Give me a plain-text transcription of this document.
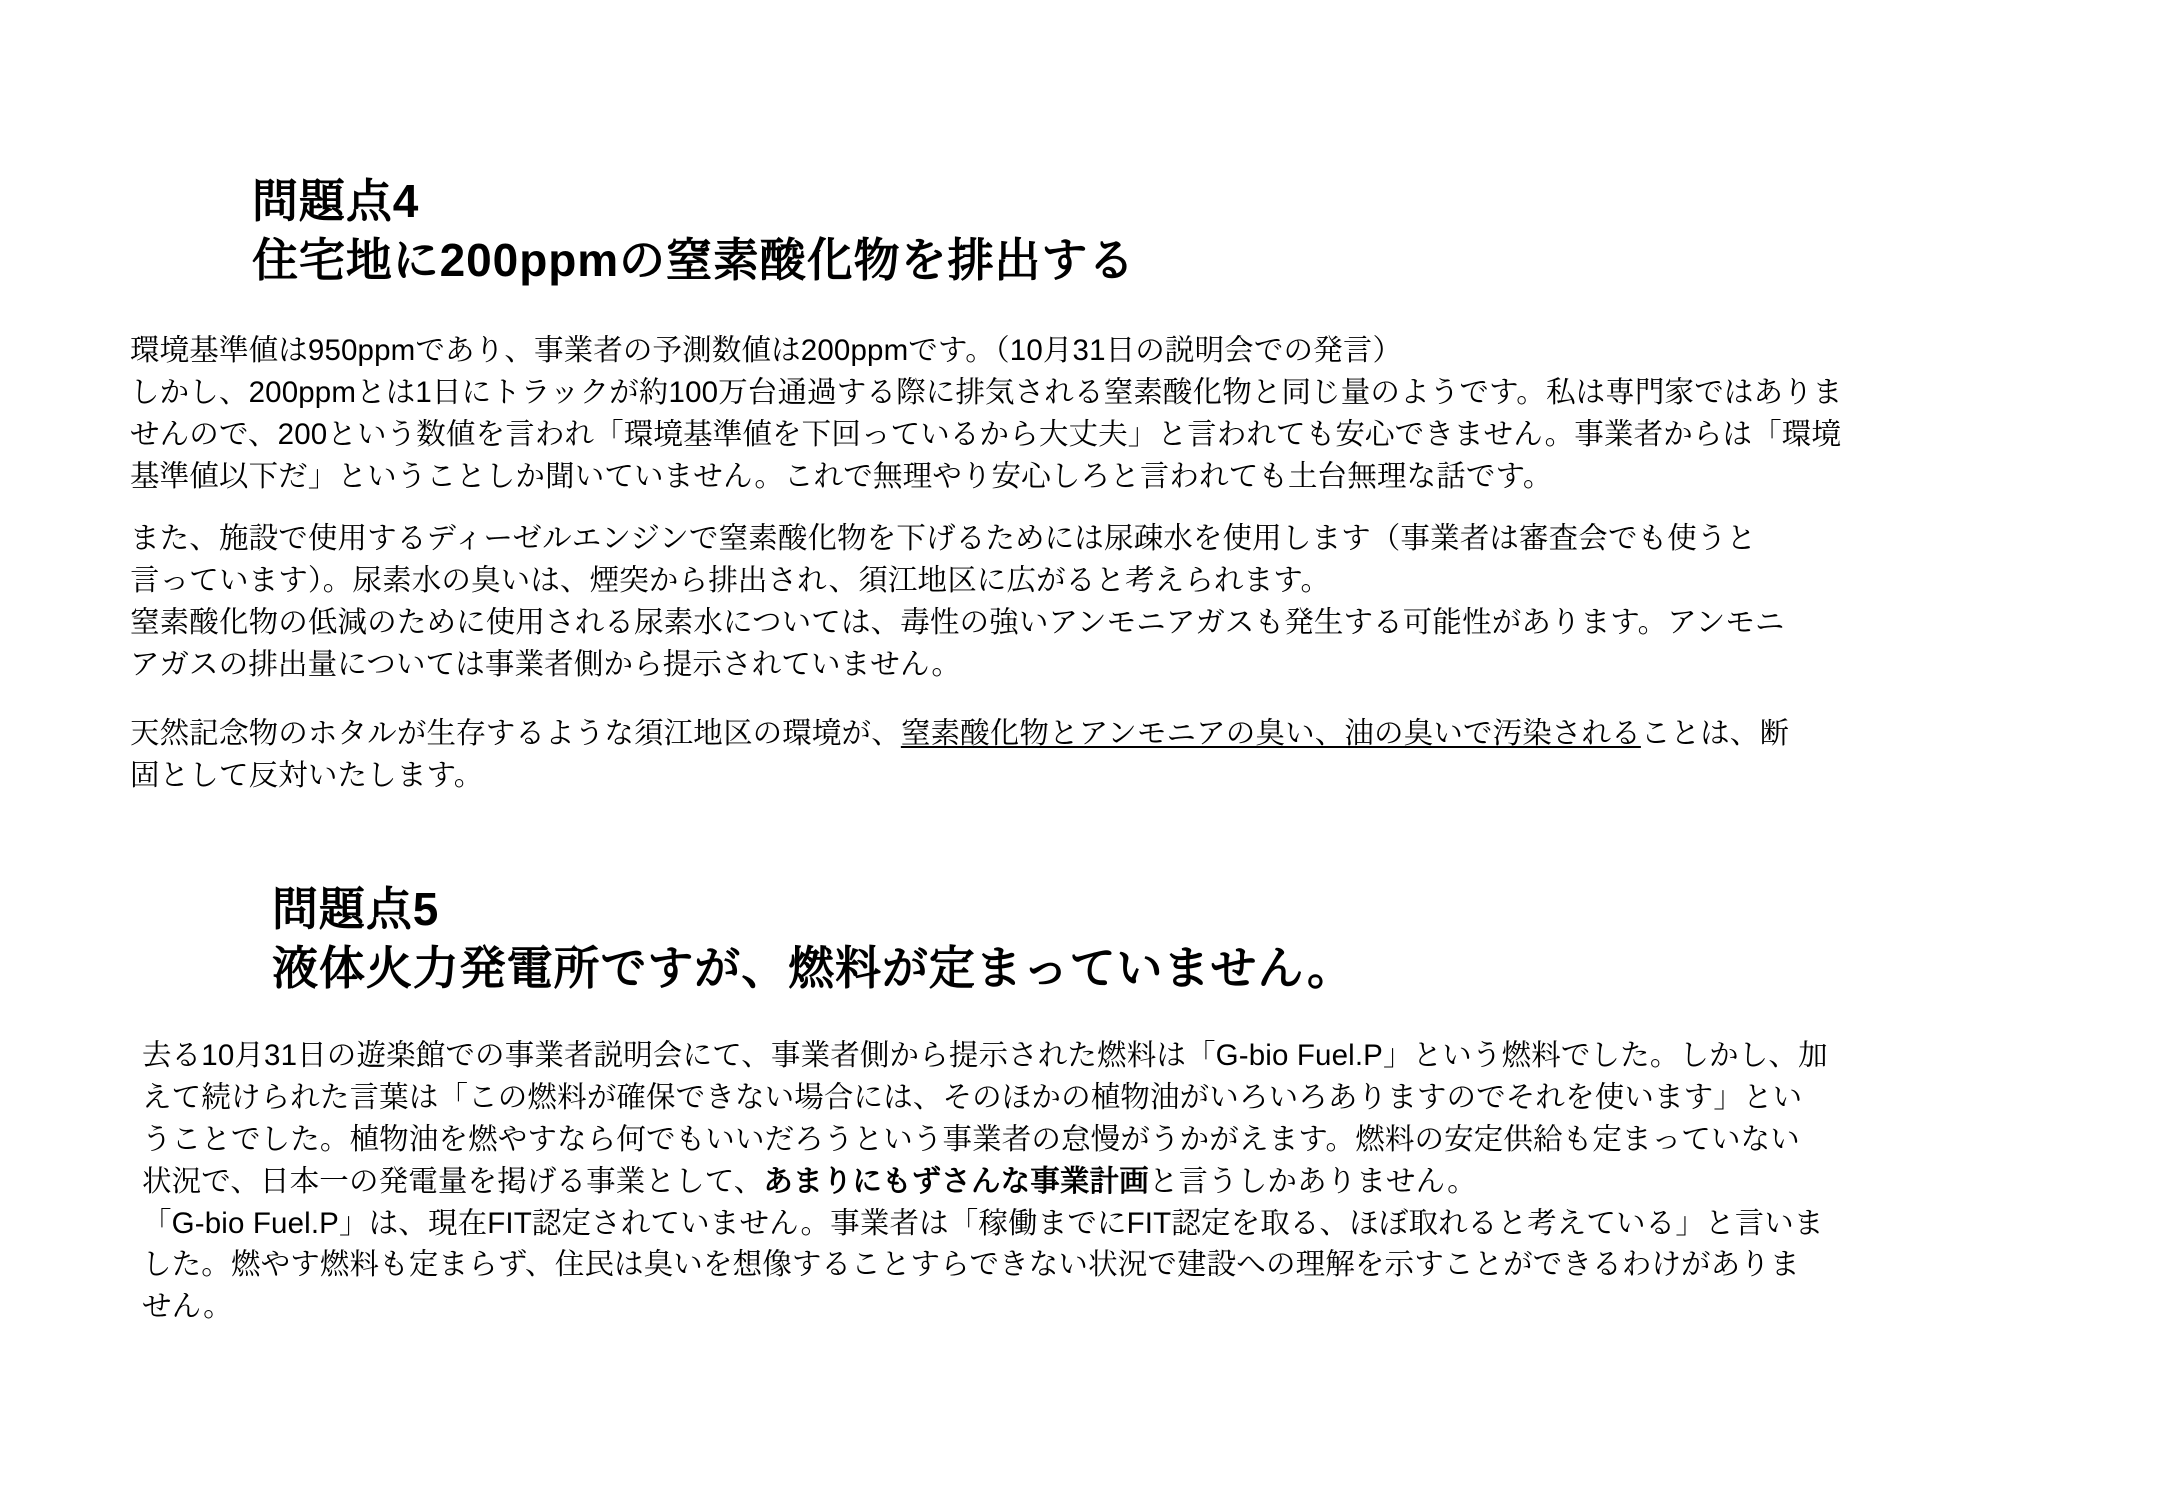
問題点4
住宅地に200ppmの窒素酸化物を排出する
環境基準値は950ppmであり、事業者の予測数値は200ppmです。（10月31日の説明会での発言）
しかし、200ppmとは1日にトラックが約100万台通過する際に排気される窒素酸化物と同じ量のようです。私は専門家ではありま
せんので、200という数値を言われ「環境基準値を下回っているから大丈夫」と言われても安心できません。事業者からは「環境
基準値以下だ」ということしか聞いていません。これで無理やり安心しろと言われても土台無理な話です。
また、施設で使用するディーゼルエンジンで窒素酸化物を下げるためには尿疎水を使用します（事業者は審査会でも使うと
言っています）。尿素水の臭いは、煙突から排出され、須江地区に広がると考えられます。
窒素酸化物の低減のために使用される尿素水については、毒性の強いアンモニアガスも発生する可能性があります。アンモニ
アガスの排出量については事業者側から提示されていません。
天然記念物のホタルが生存するような須江地区の環境が、窒素酸化物とアンモニアの臭い、油の臭いで汚染されることは、断
固として反対いたします。
問題点5
液体火力発電所ですが、燃料が定まっていません。
去る10月31日の遊楽館での事業者説明会にて、事業者側から提示された燃料は「G-bio Fuel.P」という燃料でした。しかし、加
えて続けられた言葉は「この燃料が確保できない場合には、そのほかの植物油がいろいろありますのでそれを使います」とい
うことでした。植物油を燃やすなら何でもいいだろうという事業者の怠慢がうかがえます。燃料の安定供給も定まっていない
状況で、日本一の発電量を掲げる事業として、あまりにもずさんな事業計画と言うしかありません。
「G-bio Fuel.P」は、現在FIT認定されていません。事業者は「稼働までにFIT認定を取る、ほぼ取れると考えている」と言いま
した。燃やす燃料も定まらず、住民は臭いを想像することすらできない状況で建設への理解を示すことができるわけがありま
せん。
